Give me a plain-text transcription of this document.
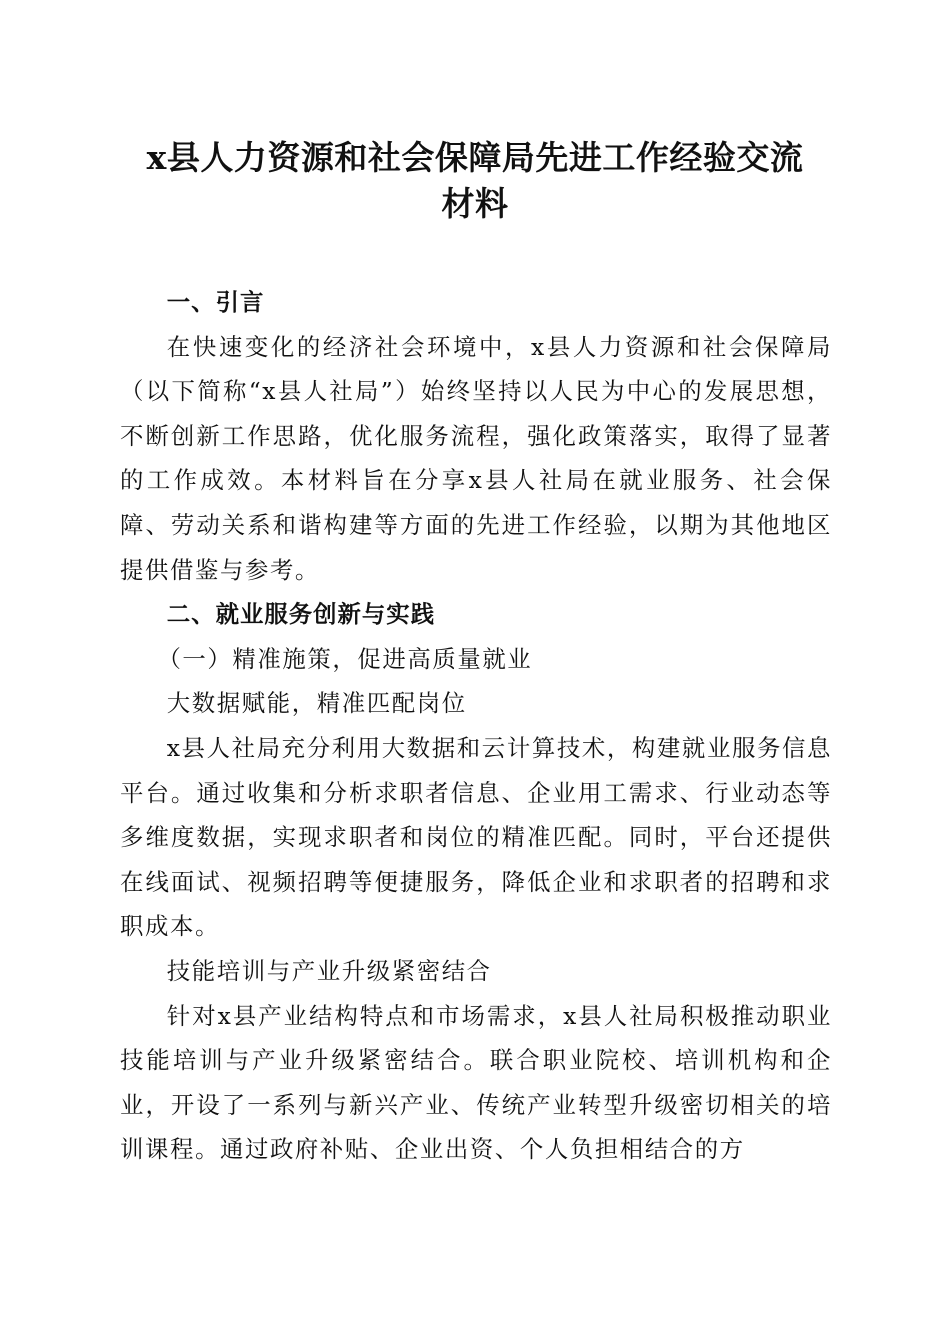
x县人力资源和社会保障局先进工作经验交流
材料

一、引言

在快速变化的经济社会环境中，x县人力资源和社会保障局（以下简称“x县人社局”）始终坚持以人民为中心的发展思想，不断创新工作思路，优化服务流程，强化政策落实，取得了显著的工作成效。本材料旨在分享x县人社局在就业服务、社会保障、劳动关系和谐构建等方面的先进工作经验，以期为其他地区提供借鉴与参考。

二、就业服务创新与实践

（一）精准施策，促进高质量就业

大数据赋能，精准匹配岗位

x县人社局充分利用大数据和云计算技术，构建就业服务信息平台。通过收集和分析求职者信息、企业用工需求、行业动态等多维度数据，实现求职者和岗位的精准匹配。同时，平台还提供在线面试、视频招聘等便捷服务，降低企业和求职者的招聘和求职成本。

技能培训与产业升级紧密结合

针对x县产业结构特点和市场需求，x县人社局积极推动职业技能培训与产业升级紧密结合。联合职业院校、培训机构和企业，开设了一系列与新兴产业、传统产业转型升级密切相关的培训课程。通过政府补贴、企业出资、个人负担相结合的方
